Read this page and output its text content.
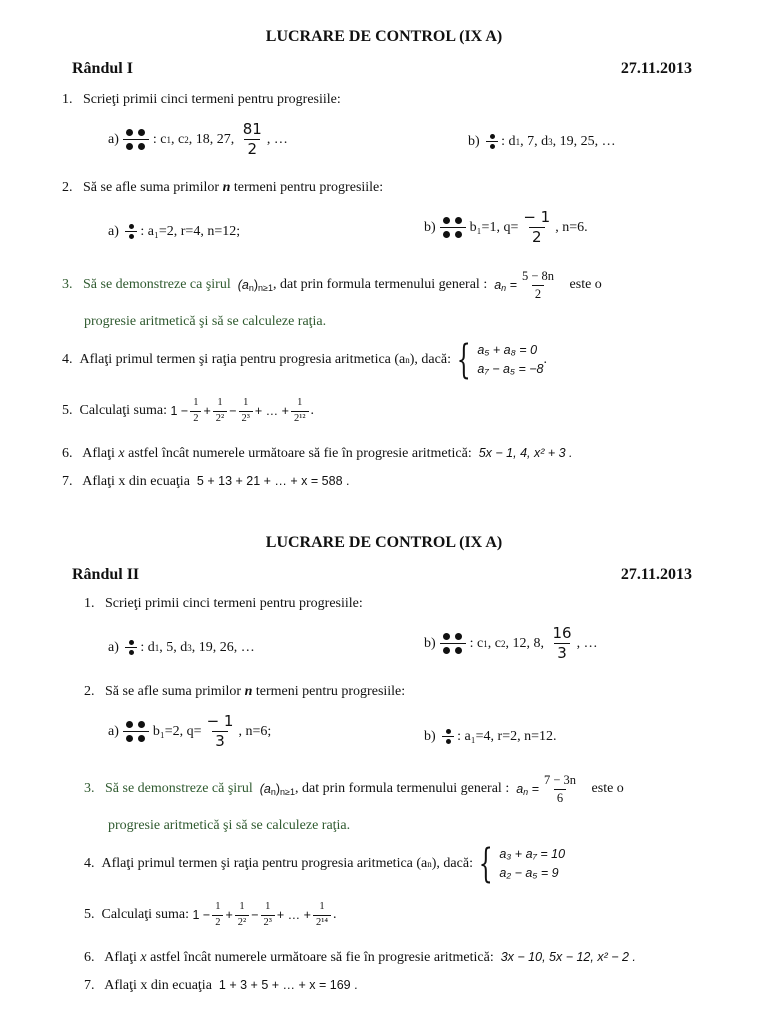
LUCRARE DE CONTROL (IX A)
Rândul I	27.11.2013
1. Scrieţi primii cinci termeni pentru progresiile:
a) : c 1 , c 2 , 18, 27,
$\frac{81}{2}$ , …	b)
: d 1 , 7, d 3 , 19, 25, …
2. Să se afle suma primilor n termeni pentru progresiile:
a)
: a₁=2, r=4, n=12;	b) b₁=1, $q= \frac{- 1}{2}$ , n=6.
3.
Să se demonstreze ca şirul
$(a_n)_{n\ge 1}$ , dat prin formula termenului general :
$a_n = \frac{5 - 8n}{2}$
este o
progresie aritmetică şi să se calculeze raţia.
4.
Aflaţi primul termen şi raţia pentru progresia aritmetica (a n ), dacă: { a₅ + a₈ = 0
a₇ − a₅ = −8
.
5.
Calculaţi suma:
$1 - \frac{1}{2} + \frac{1}{\text{2²}} - \frac{1}{\text{2³}}$ + … + $\frac{1}{\text{2¹²}}$ .
6. Aflaţi x astfel încât numerele următoare să fie în progresie aritmetică: 5x − 1, 4, x² + 3 .
7. Aflaţi x din ecuaţia 5 + 13 + 21 + … + x = 588 .
LUCRARE DE CONTROL (IX A)
Rândul II	27.11.2013
1. Scrieţi primii cinci termeni pentru progresiile:
a)
: d 1 , 5, d 3 , 19, 26, …	b) : c 1 , c 2 , 12, 8,
$\frac{16}{3}$ , …
2. Să se afle suma primilor n termeni pentru progresiile:
a) b₁=2, $q= \frac{- 1}{3}$ , n=6;	b)
: a₁=4, r=2, n=12.
3.
Să se demonstreze că şirul
$(a_n)_{n\ge 1}$ , dat prin formula termenului general :
$a_n = \frac{7 - 3n}{6}$
este o
progresie aritmetică şi să se calculeze raţia.
4.
Aflaţi primul termen şi raţia pentru progresia aritmetica (a n ), dacă: { a₃ + a₇ = 10
a₂ − a₅ = 9
5.
Calculaţi suma:
$1 - \frac{1}{2} + \frac{1}{\text{2²}} - \frac{1}{\text{2³}}$ + … + $\frac{1}{\text{2¹⁴}}$ .
6. Aflaţi x astfel încât numerele următoare să fie în progresie aritmetică: 3x − 10, 5x − 12, x² − 2 .
7. Aflaţi x din ecuaţia 1 + 3 + 5 + … + x = 169 .
